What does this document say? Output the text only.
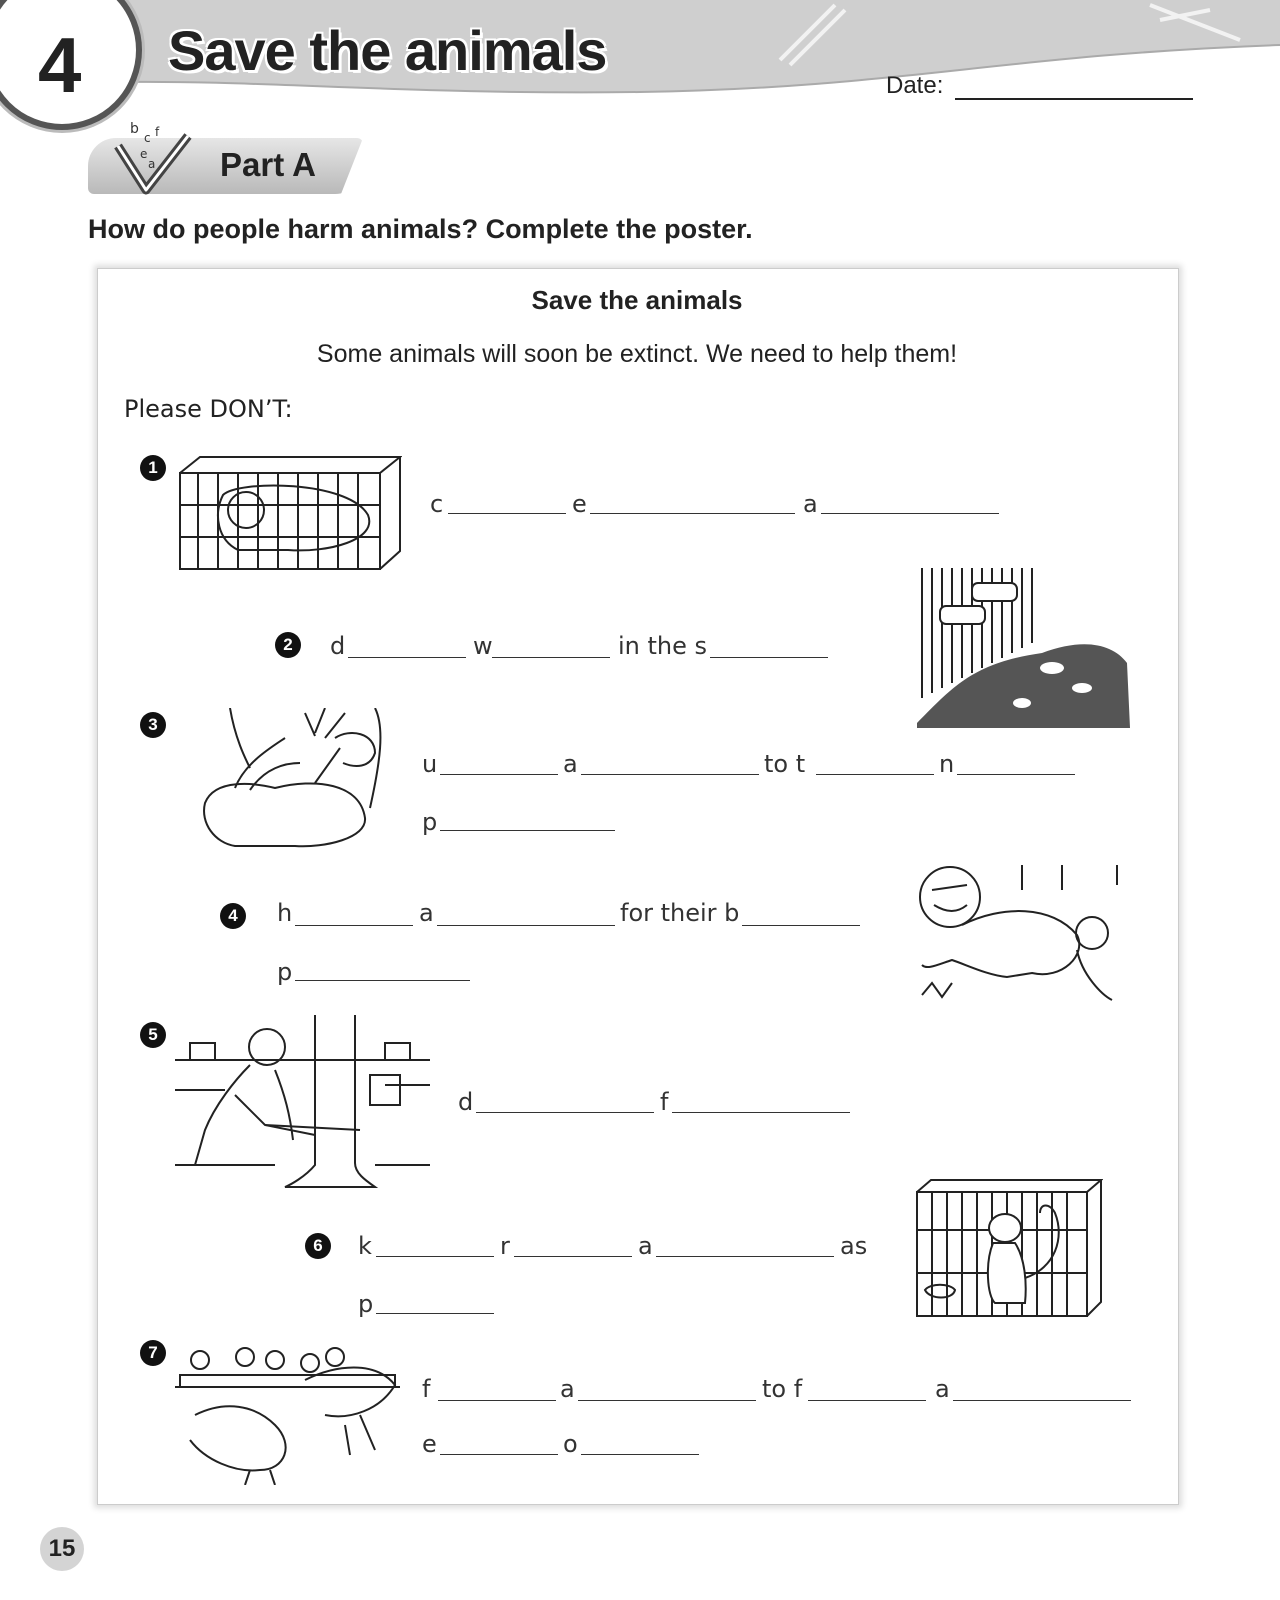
4 Save the animals
Date:
b
c f
e
a Part A
How do people harm animals? Complete the poster.
Save the animals
Some animals will soon be extinct. We need to help them!
Please DON’T:
1
c	e	a
2	d	w	in the s
3
u	a	to t	n
p
4	h	a	for their b
p
5
d	f
6	k	r	a	as
p
7
f	a	to f	a
e	o
15
